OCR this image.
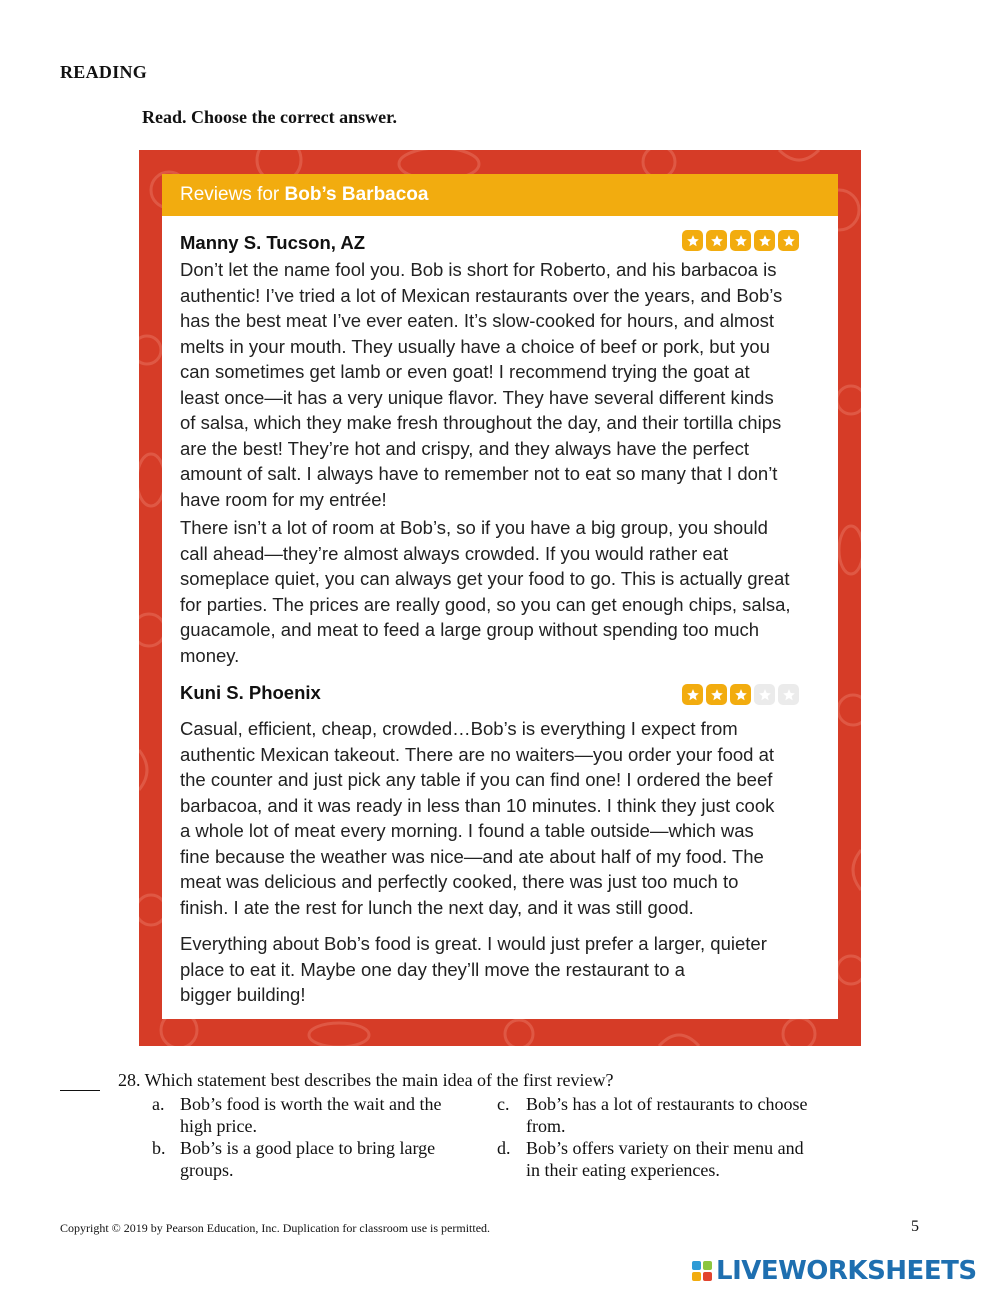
READING
Read. Choose the correct answer.
Reviews for Bob’s Barbacoa
Manny S. Tucson, AZ

Don’t let the name fool you. Bob is short for Roberto, and his barbacoa is
authentic! I’ve tried a lot of Mexican restaurants over the years, and Bob’s
has the best meat I’ve ever eaten. It’s slow-cooked for hours, and almost
melts in your mouth. They usually have a choice of beef or pork, but you
can sometimes get lamb or even goat! I recommend trying the goat at
least once—it has a very unique flavor. They have several different kinds
of salsa, which they make fresh throughout the day, and their tortilla chips
are the best! They’re hot and crispy, and they always have the perfect
amount of salt. I always have to remember not to eat so many that I don’t
have room for my entrée!

There isn’t a lot of room at Bob’s, so if you have a big group, you should
call ahead—they’re almost always crowded. If you would rather eat
someplace quiet, you can always get your food to go. This is actually great
for parties. The prices are really good, so you can get enough chips, salsa,
guacamole, and meat to feed a large group without spending too much
money.

Kuni S. Phoenix

Casual, efficient, cheap, crowded…Bob’s is everything I expect from
authentic Mexican takeout. There are no waiters—you order your food at
the counter and just pick any table if you can find one! I ordered the beef
barbacoa, and it was ready in less than 10 minutes. I think they just cook
a whole lot of meat every morning. I found a table outside—which was
fine because the weather was nice—and ate about half of my food. The
meat was delicious and perfectly cooked, there was just too much to
finish. I ate the rest for lunch the next day, and it was still good.

Everything about Bob’s food is great. I would just prefer a larger, quieter
place to eat it. Maybe one day they’ll move the restaurant to a
bigger building!

28. Which statement best describes the main idea of the first review?
a. Bob’s food is worth the wait and the
high price.
b. Bob’s is a good place to bring large
groups.
c. Bob’s has a lot of restaurants to choose
from.
d. Bob’s offers variety on their menu and
in their eating experiences.
Copyright © 2019 by Pearson Education, Inc. Duplication for classroom use is permitted.	5
LIVEWORKSHEETS
